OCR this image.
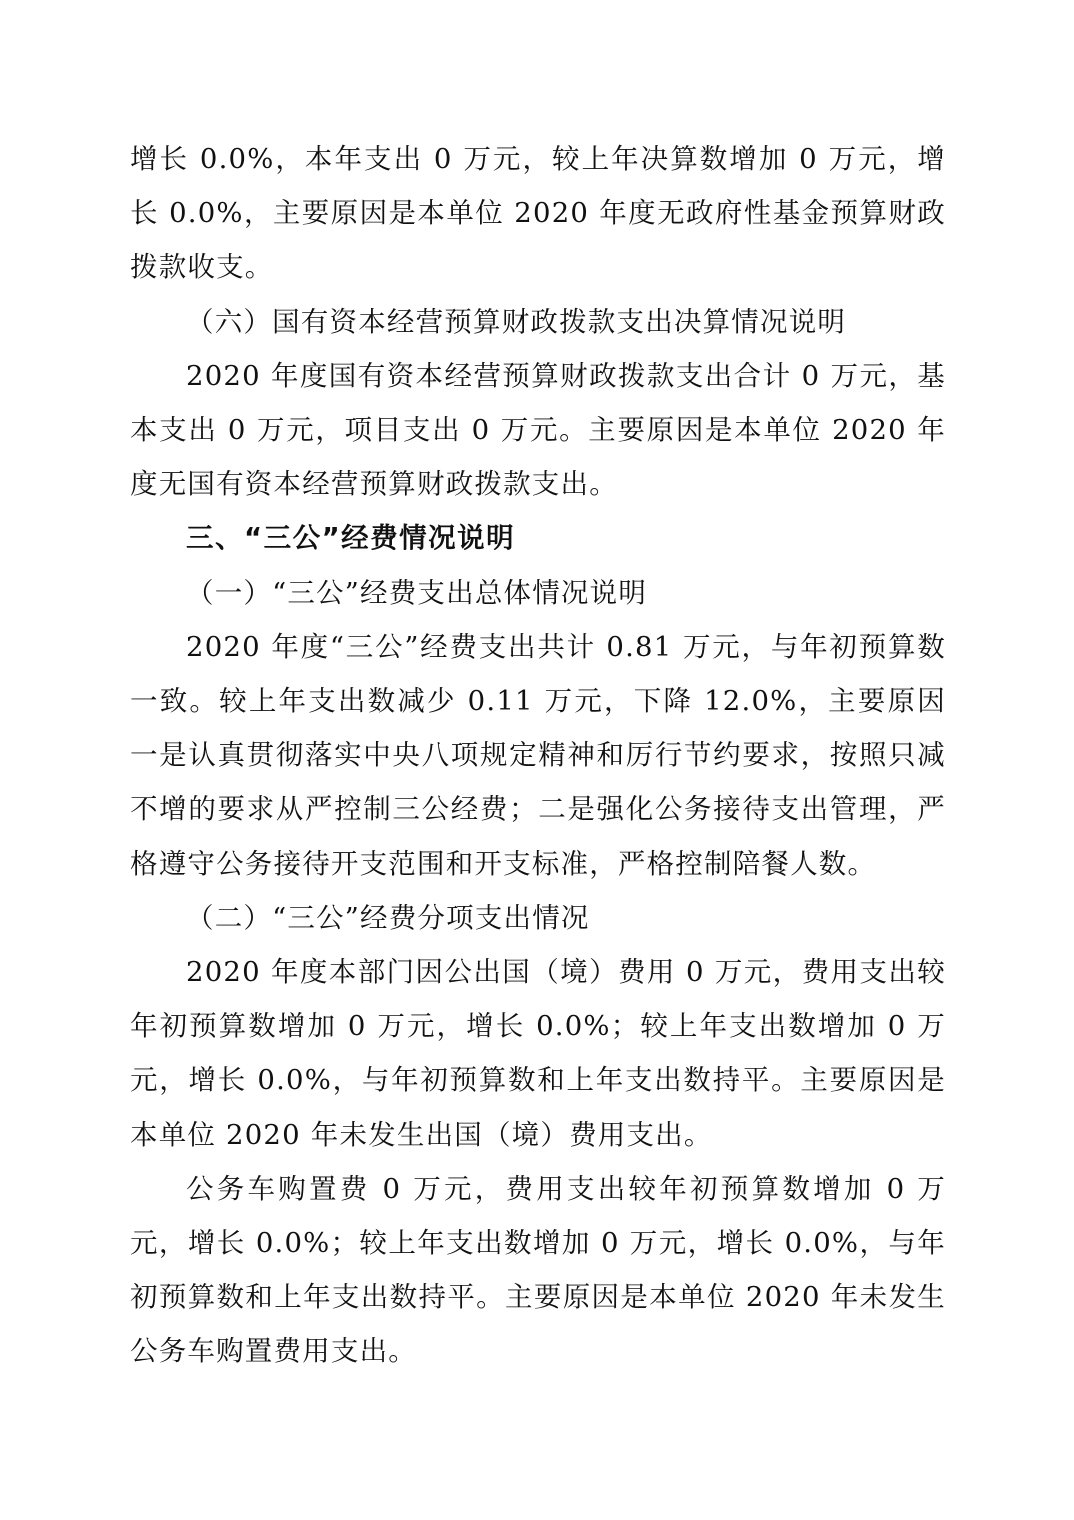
增长 0.0%，本年支出 0 万元，较上年决算数增加 0 万元，增长 0.0%，主要原因是本单位 2020 年度无政府性基金预算财政拨款收支。

（六）国有资本经营预算财政拨款支出决算情况说明

2020 年度国有资本经营预算财政拨款支出合计 0 万元，基本支出 0 万元，项目支出 0 万元。主要原因是本单位 2020 年度无国有资本经营预算财政拨款支出。

三、“三公”经费情况说明

（一）“三公”经费支出总体情况说明

2020 年度“三公”经费支出共计 0.81 万元，与年初预算数一致。较上年支出数减少 0.11 万元，下降 12.0%，主要原因一是认真贯彻落实中央八项规定精神和厉行节约要求，按照只减不增的要求从严控制三公经费；二是强化公务接待支出管理，严格遵守公务接待开支范围和开支标准，严格控制陪餐人数。

（二）“三公”经费分项支出情况

2020 年度本部门因公出国（境）费用 0 万元，费用支出较年初预算数增加 0 万元，增长 0.0%；较上年支出数增加 0 万元，增长 0.0%，与年初预算数和上年支出数持平。主要原因是本单位 2020 年未发生出国（境）费用支出。

公务车购置费 0 万元，费用支出较年初预算数增加 0 万元，增长 0.0%；较上年支出数增加 0 万元，增长 0.0%，与年初预算数和上年支出数持平。主要原因是本单位 2020 年未发生公务车购置费用支出。
